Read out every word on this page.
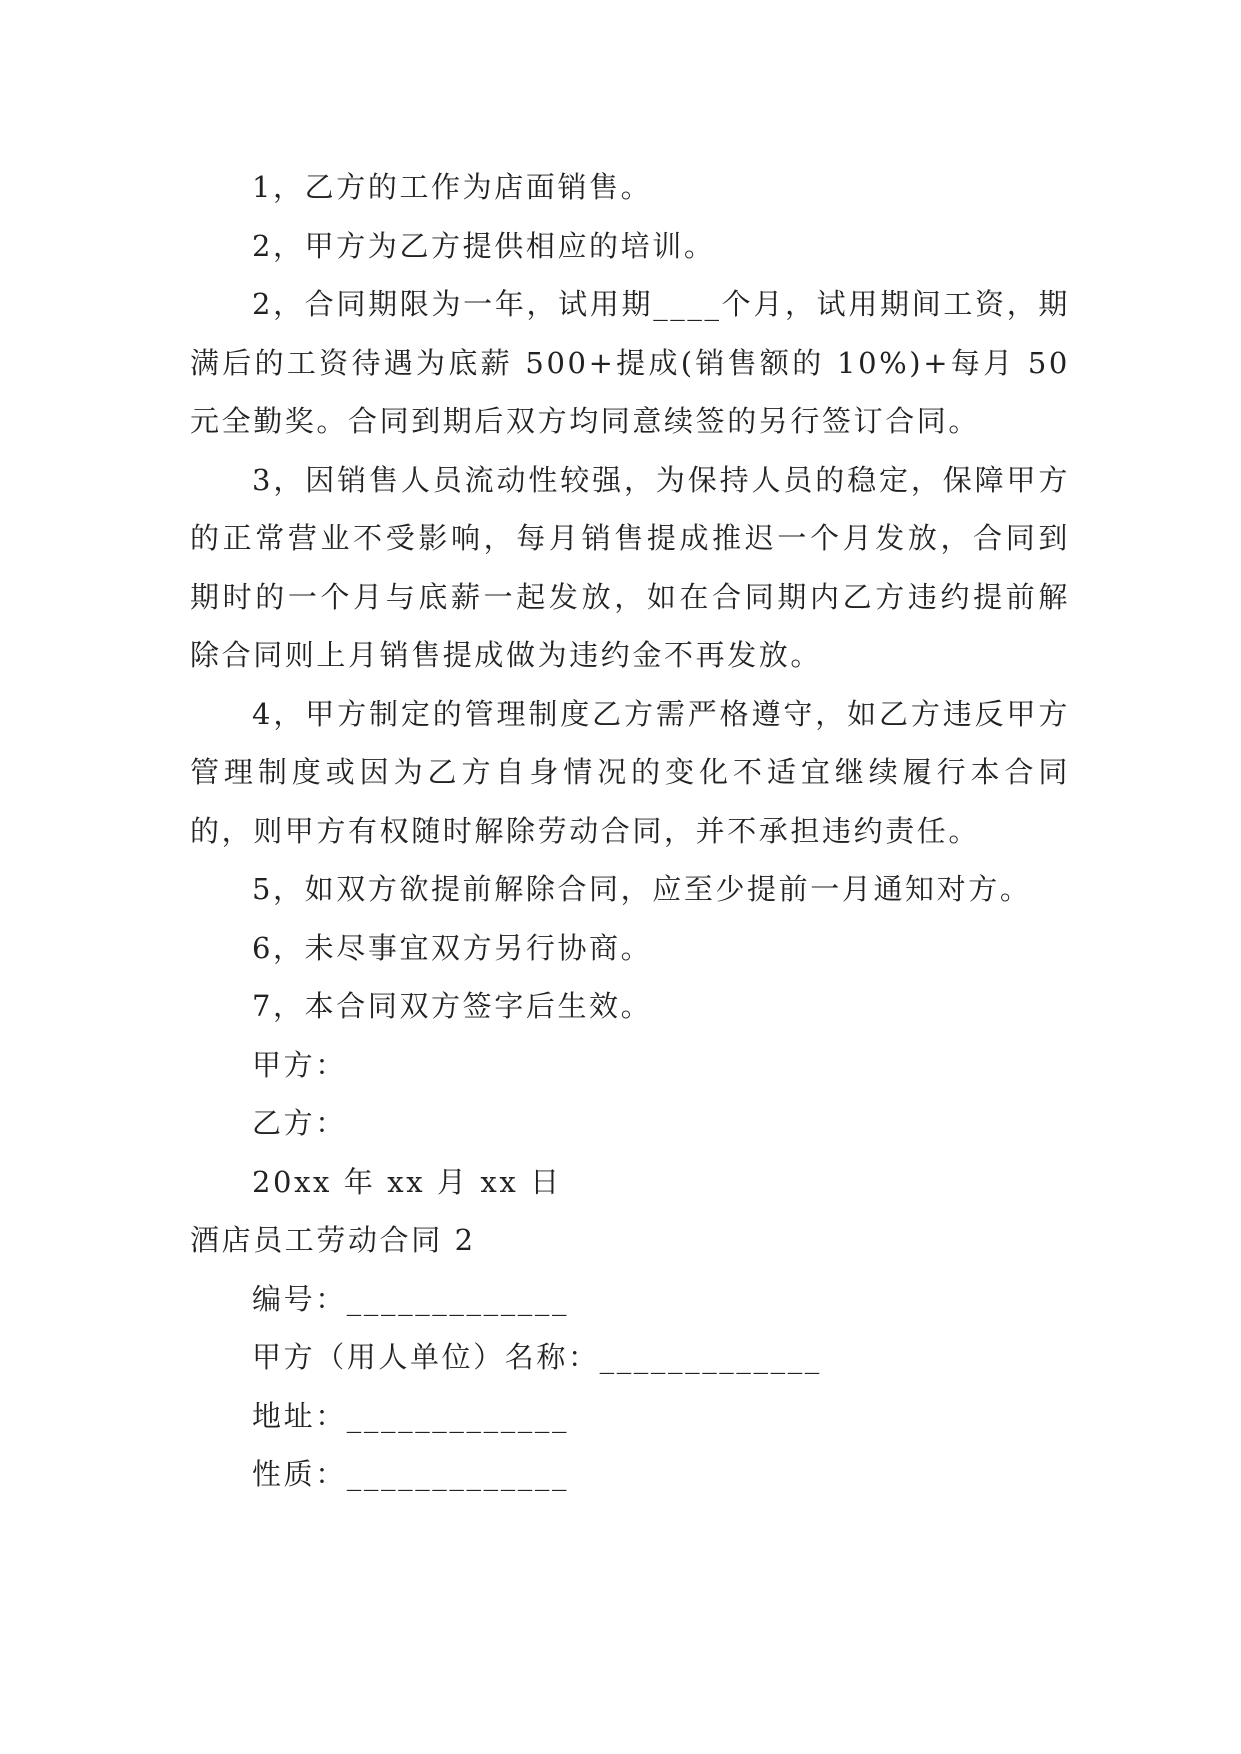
1，乙方的工作为店面销售。

2，甲方为乙方提供相应的培训。

2，合同期限为一年，试用期____个月，试用期间工资，期满后的工资待遇为底薪 500+提成(销售额的 10%)+每月 50 元全勤奖。合同到期后双方均同意续签的另行签订合同。

3，因销售人员流动性较强，为保持人员的稳定，保障甲方的正常营业不受影响，每月销售提成推迟一个月发放，合同到期时的一个月与底薪一起发放，如在合同期内乙方违约提前解除合同则上月销售提成做为违约金不再发放。

4，甲方制定的管理制度乙方需严格遵守，如乙方违反甲方管理制度或因为乙方自身情况的变化不适宜继续履行本合同的，则甲方有权随时解除劳动合同，并不承担违约责任。

5，如双方欲提前解除合同，应至少提前一月通知对方。

6，未尽事宜双方另行协商。

7，本合同双方签字后生效。

甲方：

乙方：

20xx 年 xx 月 xx 日

酒店员工劳动合同 2

编号：_____________

甲方（用人单位）名称：_____________

地址：_____________

性质：_____________
